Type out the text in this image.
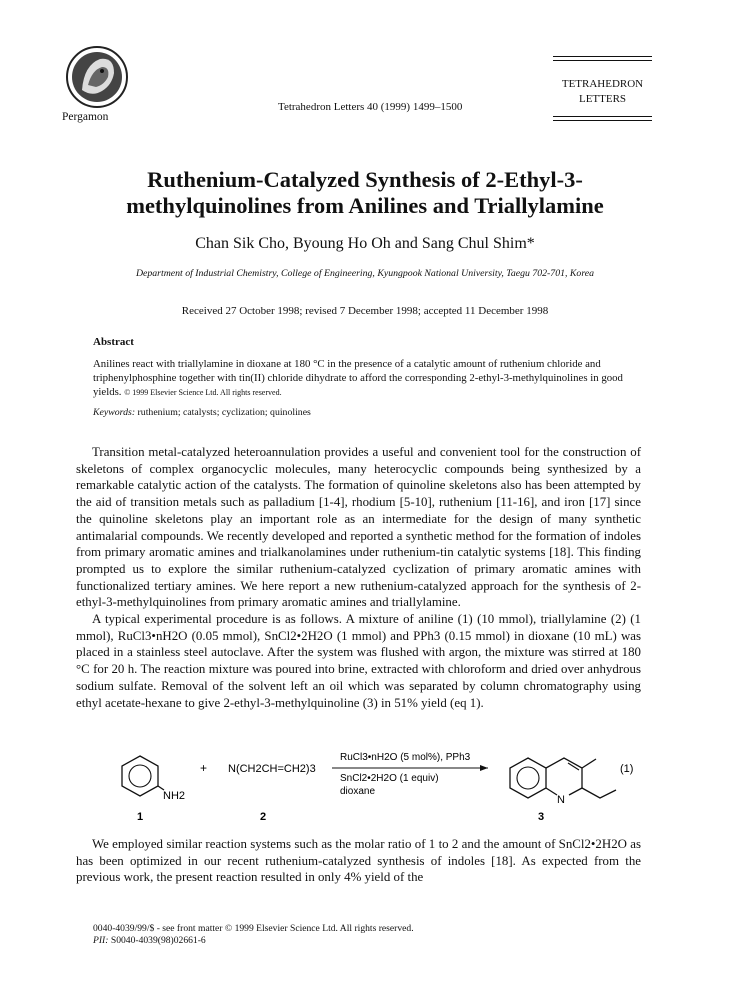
Pergamon
Tetrahedron Letters 40 (1999) 1499–1500
TETRAHEDRON
LETTERS
Ruthenium-Catalyzed Synthesis of 2-Ethyl-3-
methylquinolines from Anilines and Triallylamine
Chan Sik Cho, Byoung Ho Oh and Sang Chul Shim*
Department of Industrial Chemistry, College of Engineering, Kyungpook National University, Taegu 702-701, Korea
Received 27 October 1998; revised 7 December 1998; accepted 11 December 1998
Abstract
Anilines react with triallylamine in dioxane at 180 °C in the presence of a catalytic amount of ruthenium chloride and triphenylphosphine together with tin(II) chloride dihydrate to afford the corresponding 2-ethyl-3-methylquinolines in good yields. © 1999 Elsevier Science Ltd. All rights reserved.
Keywords: ruthenium; catalysts; cyclization; quinolines

Transition metal-catalyzed heteroannulation provides a useful and convenient tool for the construction of skeletons of complex organocyclic molecules, many heterocyclic compounds being synthesized by a remarkable catalytic action of the catalysts. The formation of quinoline skeletons also has been attempted by the aid of transition metals such as palladium [1-4], rhodium [5-10], ruthenium [11-16], and iron [17] since the quinoline skeletons play an important role as an intermediate for the design of many synthetic antimalarial compounds. We recently developed and reported a synthetic method for the formation of indoles from primary aromatic amines and trialkanolamines under ruthenium-tin catalytic systems [18]. This finding prompted us to explore the similar ruthenium-catalyzed cyclization of primary aromatic amines with functionalized tertiary amines. We here report a new ruthenium-catalyzed approach for the synthesis of 2-ethyl-3-methylquinolines from primary aromatic amines and triallylamine.

A typical experimental procedure is as follows. A mixture of aniline (1) (10 mmol), triallylamine (2) (1 mmol), RuCl3•nH2O (0.05 mmol), SnCl2•2H2O (1 mmol) and PPh3 (0.15 mmol) in dioxane (10 mL) was placed in a stainless steel autoclave. After the system was flushed with argon, the mixture was stirred at 180 °C for 20 h. The reaction mixture was poured into brine, extracted with chloroform and dried over anhydrous sodium sulfate. Removal of the solvent left an oil which was separated by column chromatography using ethyl acetate-hexane to give 2-ethyl-3-methylquinoline (3) in 51% yield (eq 1).

NH2
+ N(CH2CH=CH2)3
RuCl3•nH2O (5 mol%), PPh3
SnCl2•2H2O (1 equiv)
dioxane
N
(1)
1	2	3

We employed similar reaction systems such as the molar ratio of 1 to 2 and the amount of SnCl2•2H2O as has been optimized in our recent ruthenium-catalyzed synthesis of indoles [18]. As expected from the previous work, the present reaction resulted in only 4% yield of the

0040-4039/99/$ - see front matter © 1999 Elsevier Science Ltd. All rights reserved.
PII: S0040-4039(98)02661-6
